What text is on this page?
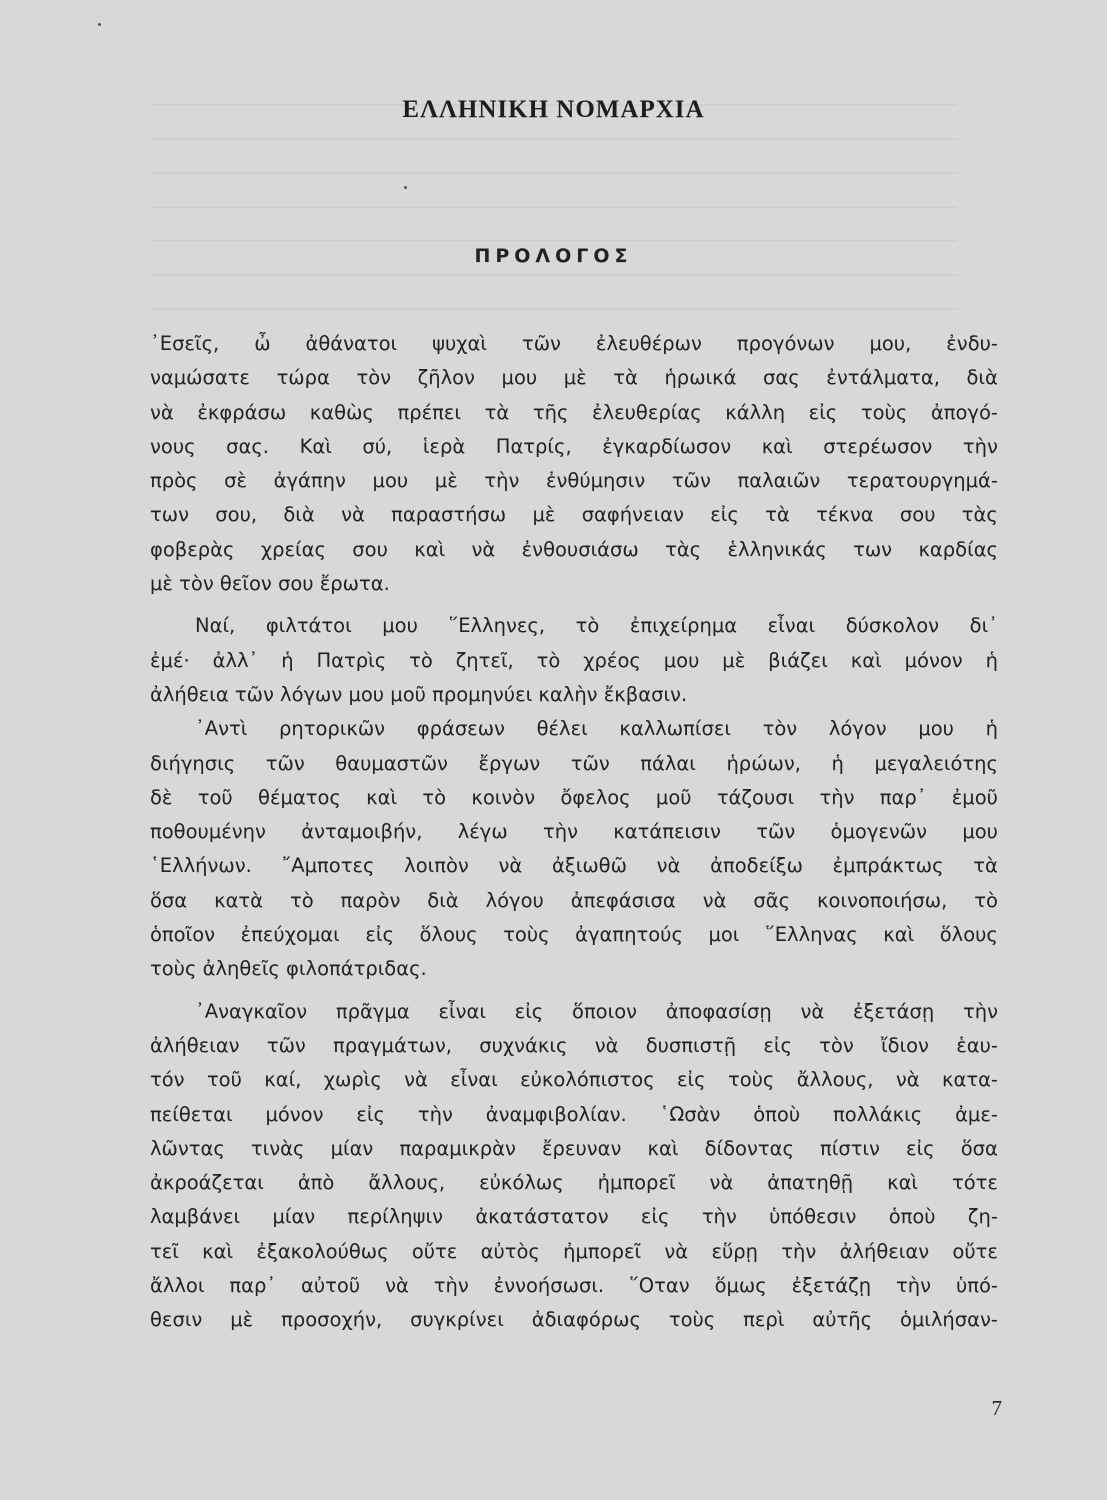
ΕΛΛΗΝΙΚΗ ΝΟΜΑΡΧΙΑ
ΠΡΟΛΟΓΟΣ
᾿Εσεῖς, ὦ ἀθάνατοι ψυχαὶ τῶν ἐλευθέρων προγόνων μου, ἐνδυ-
ναμώσατε τώρα τὸν ζῆλον μου μὲ τὰ ἡρωικά σας ἐντάλματα, διὰ
νὰ ἐκφράσω καθὼς πρέπει τὰ τῆς ἐλευθερίας κάλλη εἰς τοὺς ἀπογό-
νους σας. Καὶ σύ, ἱερὰ Πατρίς, ἐγκαρδίωσον καὶ στερέωσον τὴν
πρὸς σὲ ἀγάπην μου μὲ τὴν ἐνθύμησιν τῶν παλαιῶν τερατουργημά-
των σου, διὰ νὰ παραστήσω μὲ σαφήνειαν εἰς τὰ τέκνα σου τὰς
φοβερὰς χρείας σου καὶ νὰ ἐνθουσιάσω τὰς ἑλληνικάς των καρδίας
μὲ τὸν θεῖον σου ἔρωτα.
Ναί, φιλτάτοι μου ῞Ελληνες, τὸ ἐπιχείρημα εἶναι δύσκολον δι᾿
ἐμέ· ἀλλ᾿ ἡ Πατρὶς τὸ ζητεῖ, τὸ χρέος μου μὲ βιάζει καὶ μόνον ἡ
ἀλήθεια τῶν λόγων μου μοῦ προμηνύει καλὴν ἔκβασιν.
᾿Αντὶ ρητορικῶν φράσεων θέλει καλλωπίσει τὸν λόγον μου ἡ
διήγησις τῶν θαυμαστῶν ἔργων τῶν πάλαι ἡρώων, ἡ μεγαλειότης
δὲ τοῦ θέματος καὶ τὸ κοινὸν ὄφελος μοῦ τάζουσι τὴν παρ᾿ ἐμοῦ
ποθουμένην ἀνταμοιβήν, λέγω τὴν κατάπεισιν τῶν ὁμογενῶν μου
῾Ελλήνων. ῎Αμποτες λοιπὸν νὰ ἀξιωθῶ νὰ ἀποδείξω ἐμπράκτως τὰ
ὅσα κατὰ τὸ παρὸν διὰ λόγου ἀπεφάσισα νὰ σᾶς κοινοποιήσω, τὸ
ὁποῖον ἐπεύχομαι εἰς ὅλους τοὺς ἀγαπητούς μοι ῞Ελληνας καὶ ὅλους
τοὺς ἀληθεῖς φιλοπάτριδας.
᾿Αναγκαῖον πρᾶγμα εἶναι εἰς ὅποιον ἀποφασίσῃ νὰ ἐξετάσῃ τὴν
ἀλήθειαν τῶν πραγμάτων, συχνάκις νὰ δυσπιστῇ εἰς τὸν ἴδιον ἑαυ-
τόν τοῦ καί, χωρὶς νὰ εἶναι εὐκολόπιστος εἰς τοὺς ἄλλους, νὰ κατα-
πείθεται μόνον εἰς τὴν ἀναμφιβολίαν. ῾Ωσὰν ὁποὺ πολλάκις ἀμε-
λῶντας τινὰς μίαν παραμικρὰν ἔρευναν καὶ δίδοντας πίστιν εἰς ὅσα
ἀκροάζεται ἀπὸ ἄλλους, εὐκόλως ἠμπορεῖ νὰ ἀπατηθῇ καὶ τότε
λαμβάνει μίαν περίληψιν ἀκατάστατον εἰς τὴν ὑπόθεσιν ὁποὺ ζη-
τεῖ καὶ ἐξακολούθως οὔτε αὐτὸς ἠμπορεῖ νὰ εὕρῃ τὴν ἀλήθειαν οὔτε
ἄλλοι παρ᾿ αὐτοῦ νὰ τὴν ἐννοήσωσι. ῞Οταν ὅμως ἐξετάζῃ τὴν ὑπό-
θεσιν μὲ προσοχήν, συγκρίνει ἀδιαφόρως τοὺς περὶ αὐτῆς ὁμιλήσαν-
7
